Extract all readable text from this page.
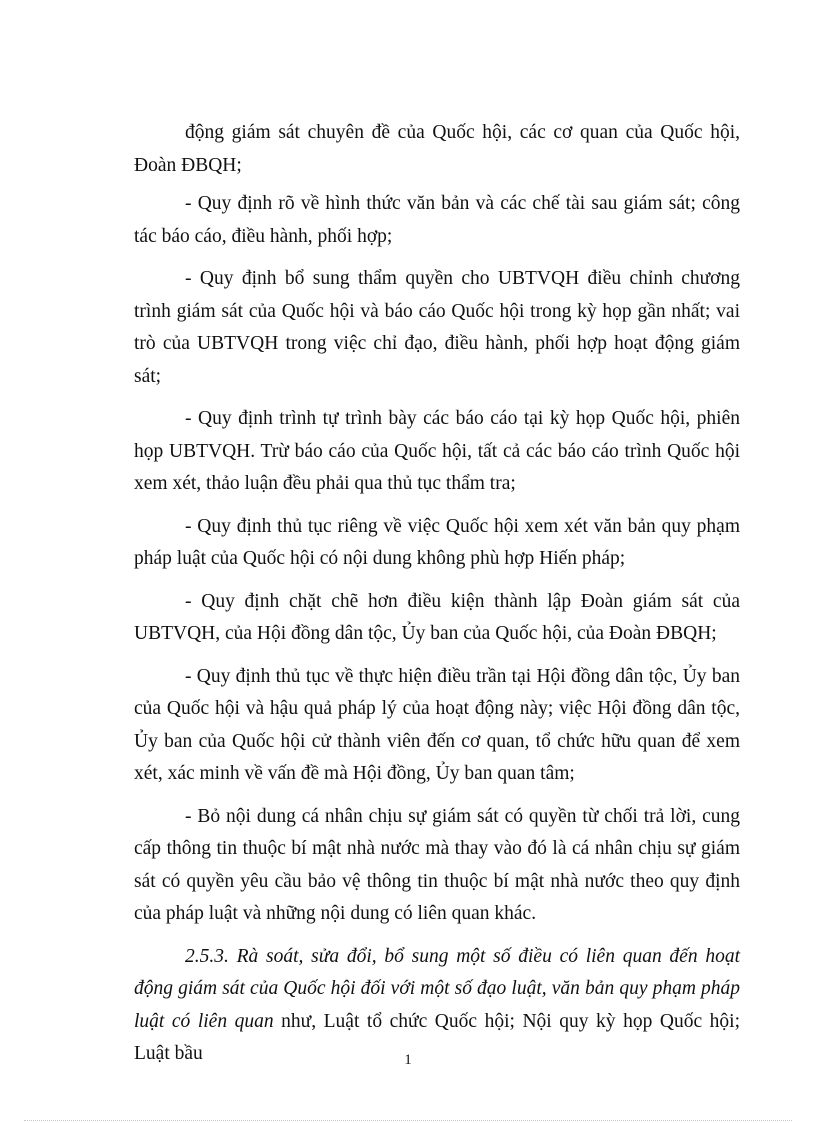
động giám sát chuyên đề của Quốc hội, các cơ quan của Quốc hội, Đoàn ĐBQH;

- Quy định rõ về hình thức văn bản và các chế tài sau giám sát; công tác báo cáo, điều hành, phối hợp;

- Quy định bổ sung thẩm quyền cho UBTVQH điều chỉnh chương trình giám sát của Quốc hội và báo cáo Quốc hội trong kỳ họp gần nhất; vai trò của UBTVQH trong việc chỉ đạo, điều hành, phối hợp hoạt động giám sát;

- Quy định trình tự trình bày các báo cáo tại kỳ họp Quốc hội, phiên họp UBTVQH. Trừ báo cáo của Quốc hội, tất cả các báo cáo trình Quốc hội xem xét, thảo luận đều phải qua thủ tục thẩm tra;

- Quy định thủ tục riêng về việc Quốc hội xem xét văn bản quy phạm pháp luật của Quốc hội có nội dung không phù hợp Hiến pháp;

- Quy định chặt chẽ hơn điều kiện thành lập Đoàn giám sát của UBTVQH, của Hội đồng dân tộc, Ủy ban của Quốc hội, của Đoàn ĐBQH;

- Quy định thủ tục về thực hiện điều trần tại Hội đồng dân tộc, Ủy ban của Quốc hội và hậu quả pháp lý của hoạt động này; việc Hội đồng dân tộc, Ủy ban của Quốc hội cử thành viên đến cơ quan, tổ chức hữu quan để xem xét, xác minh về vấn đề mà Hội đồng, Ủy ban quan tâm;

- Bỏ nội dung cá nhân chịu sự giám sát có quyền từ chối trả lời, cung cấp thông tin thuộc bí mật nhà nước mà thay vào đó là cá nhân chịu sự giám sát có quyền yêu cầu bảo vệ thông tin thuộc bí mật nhà nước theo quy định của pháp luật và những nội dung có liên quan khác.

2.5.3. Rà soát, sửa đổi, bổ sung một số điều có liên quan đến hoạt động giám sát của Quốc hội đối với một số đạo luật, văn bản quy phạm pháp luật có liên quan như, Luật tổ chức Quốc hội; Nội quy kỳ họp Quốc hội; Luật bầu	1
